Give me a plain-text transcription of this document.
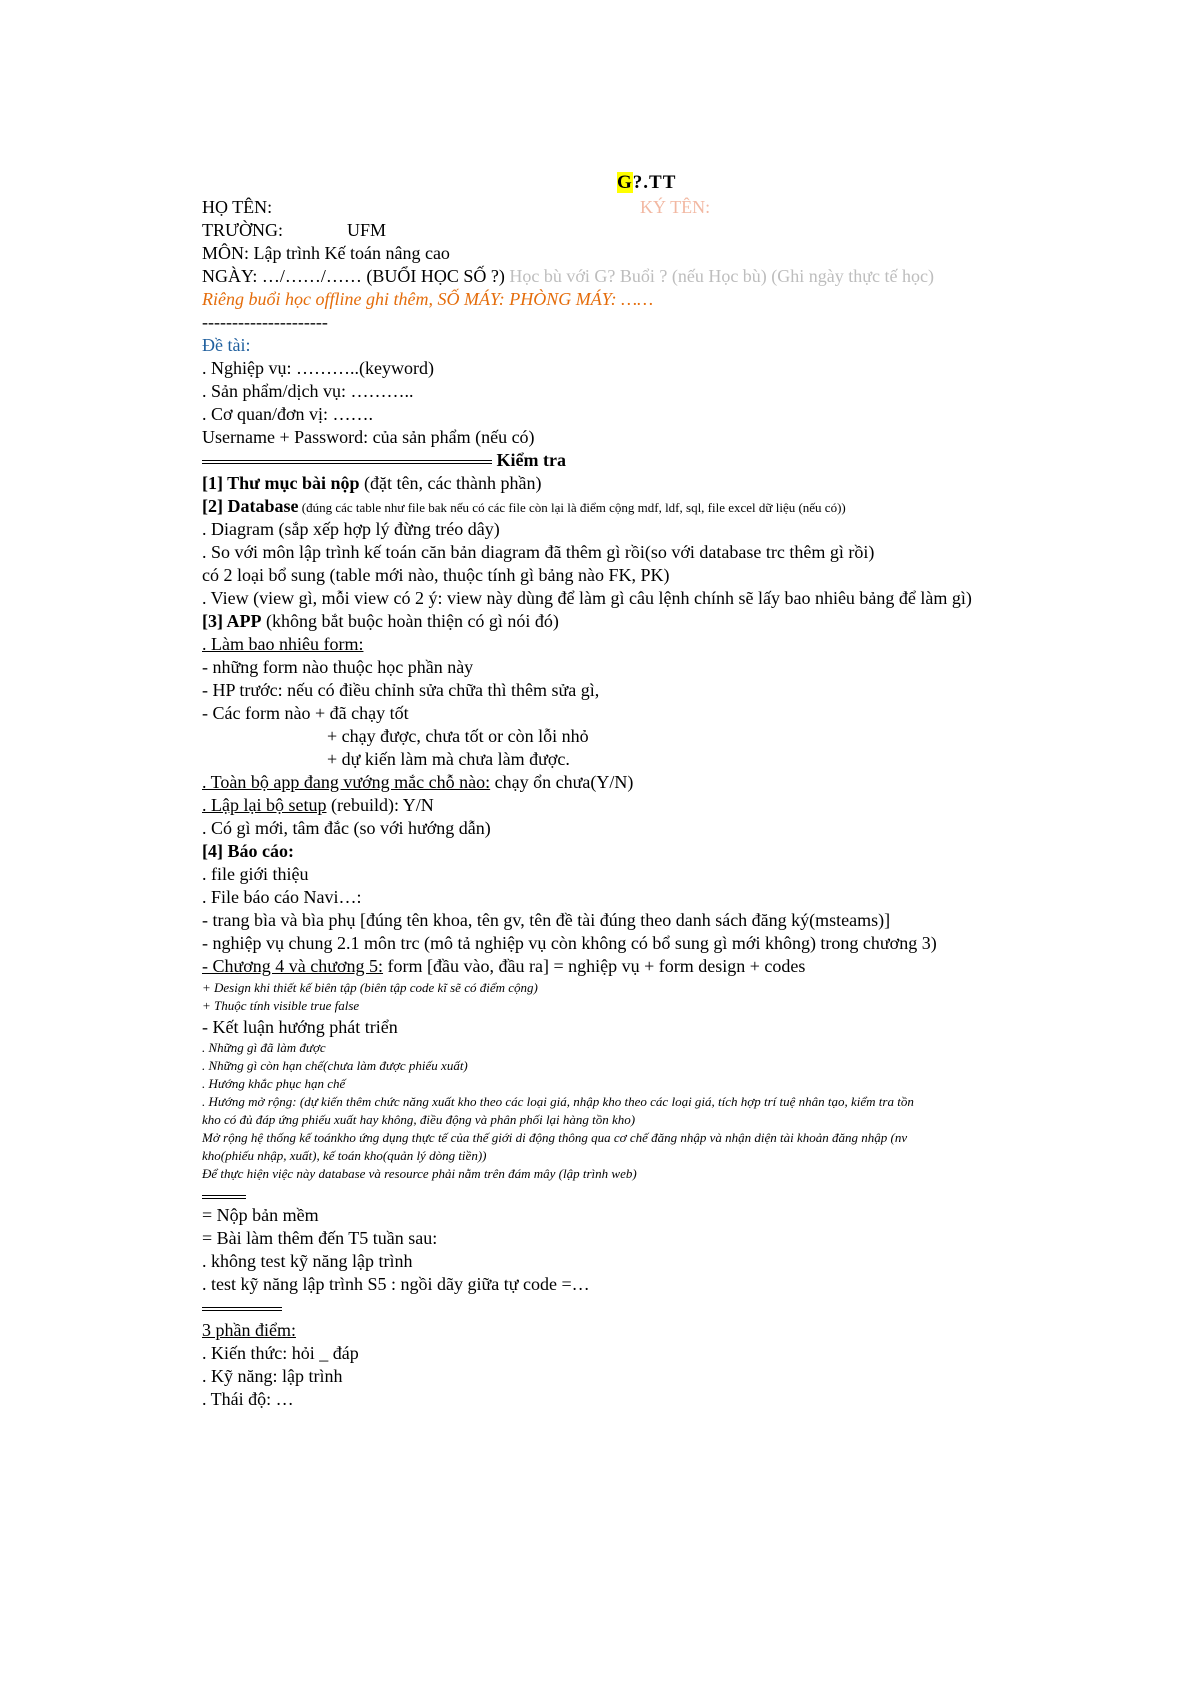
G?.TT
HỌ TÊN:	KÝ TÊN:
TRƯỜNG:	UFM
MÔN: Lập trình Kế toán nâng cao
NGÀY: …/……/…… (BUỔI HỌC SỐ ?) Học bù với G? Buổi ? (nếu Học bù) (Ghi ngày thực tế học)
Riêng buổi học offline ghi thêm, SỐ MÁY: PHÒNG MÁY: ……
---------------------
Đề tài:
. Nghiệp vụ: ………..(keyword)
. Sản phẩm/dịch vụ: ………..
. Cơ quan/đơn vị: …….
Username + Password: của sản phẩm (nếu có)
Kiểm tra
[1] Thư mục bài nộp (đặt tên, các thành phần)
[2] Database (đúng các table như file bak nếu có các file còn lại là điểm cộng mdf, ldf, sql, file excel dữ liệu (nếu có))
. Diagram (sắp xếp hợp lý đừng tréo dây)
. So với môn lập trình kế toán căn bản diagram đã thêm gì rồi(so với database trc thêm gì rồi)
có 2 loại bổ sung (table mới nào, thuộc tính gì bảng nào FK, PK)
. View (view gì, mỗi view có 2 ý: view này dùng để làm gì câu lệnh chính sẽ lấy bao nhiêu bảng để làm gì)
[3] APP (không bắt buộc hoàn thiện có gì nói đó)
. Làm bao nhiêu form:
- những form nào thuộc học phần này
- HP trước: nếu có điều chỉnh sửa chữa thì thêm sửa gì,
- Các form nào + đã chạy tốt
+ chạy được, chưa tốt or còn lỗi nhỏ
+ dự kiến làm mà chưa làm được.
. Toàn bộ app đang vướng mắc chỗ nào: chạy ổn chưa(Y/N)
. Lập lại bộ setup (rebuild): Y/N
. Có gì mới, tâm đắc (so với hướng dẫn)
[4] Báo cáo:
. file giới thiệu
. File báo cáo Navi…:
- trang bìa và bìa phụ [đúng tên khoa, tên gv, tên đề tài đúng theo danh sách đăng ký(msteams)]
- nghiệp vụ chung 2.1 môn trc (mô tả nghiệp vụ còn không có bổ sung gì mới không) trong chương 3)
- Chương 4 và chương 5: form [đầu vào, đầu ra] = nghiệp vụ + form design + codes
+ Design khi thiết kế biên tập (biên tập code kĩ sẽ có điểm cộng)
+ Thuộc tính visible true false
- Kết luận hướng phát triển
. Những gì đã làm được
. Những gì còn hạn chế(chưa làm được phiếu xuất)
. Hướng khắc phục hạn chế
. Hướng mở rộng: (dự kiến thêm chức năng xuất kho theo các loại giá, nhập kho theo các loại giá, tích hợp trí tuệ nhân tạo, kiểm tra tồn
kho có đủ đáp ứng phiếu xuất hay không, điều động và phân phối lại hàng tồn kho)
Mở rộng hệ thống kế toánkho ứng dụng thực tế của thế giới di động thông qua cơ chế đăng nhập và nhận diện tài khoản đăng nhập (nv
kho(phiếu nhập, xuất), kế toán kho(quản lý dòng tiền))
Để thực hiện việc này database và resource phải nằm trên đám mây (lập trình web)
= Nộp bản mềm
= Bài làm thêm đến T5 tuần sau:
. không test kỹ năng lập trình
. test kỹ năng lập trình S5 : ngồi dãy giữa tự code =…
3 phần điểm:
. Kiến thức: hỏi _ đáp
. Kỹ năng: lập trình
. Thái độ: …
